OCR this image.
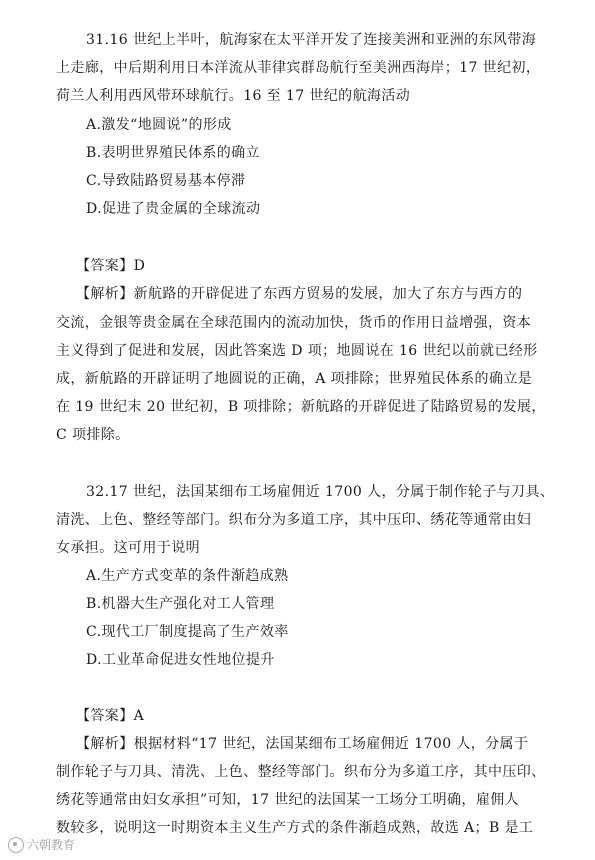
31.16 世纪上半叶，航海家在太平洋开发了连接美洲和亚洲的东风带海
上走廊，中后期利用日本洋流从菲律宾群岛航行至美洲西海岸；17 世纪初，
荷兰人利用西风带环球航行。16 至 17 世纪的航海活动
A.激发“地圆说”的形成
B.表明世界殖民体系的确立
C.导致陆路贸易基本停滞
D.促进了贵金属的全球流动
【答案】D
【解析】新航路的开辟促进了东西方贸易的发展，加大了东方与西方的
交流，金银等贵金属在全球范围内的流动加快，货币的作用日益增强，资本
主义得到了促进和发展，因此答案选 D 项；地圆说在 16 世纪以前就已经形
成，新航路的开辟证明了地圆说的正确，A 项排除；世界殖民体系的确立是
在 19 世纪末 20 世纪初，B 项排除；新航路的开辟促进了陆路贸易的发展，
C 项排除。
32.17 世纪，法国某细布工场雇佣近 1700 人，分属于制作轮子与刀具、
清洗、上色、整经等部门。织布分为多道工序，其中压印、绣花等通常由妇
女承担。这可用于说明
A.生产方式变革的条件渐趋成熟
B.机器大生产强化对工人管理
C.现代工厂制度提高了生产效率
D.工业革命促进女性地位提升
【答案】A
【解析】根据材料“17 世纪，法国某细布工场雇佣近 1700 人，分属于
制作轮子与刀具、清洗、上色、整经等部门。织布分为多道工序，其中压印、
绣花等通常由妇女承担”可知，17 世纪的法国某一工场分工明确，雇佣人
数较多，说明这一时期资本主义生产方式的条件渐趋成熟，故选 A；B 是工
六朝教育
